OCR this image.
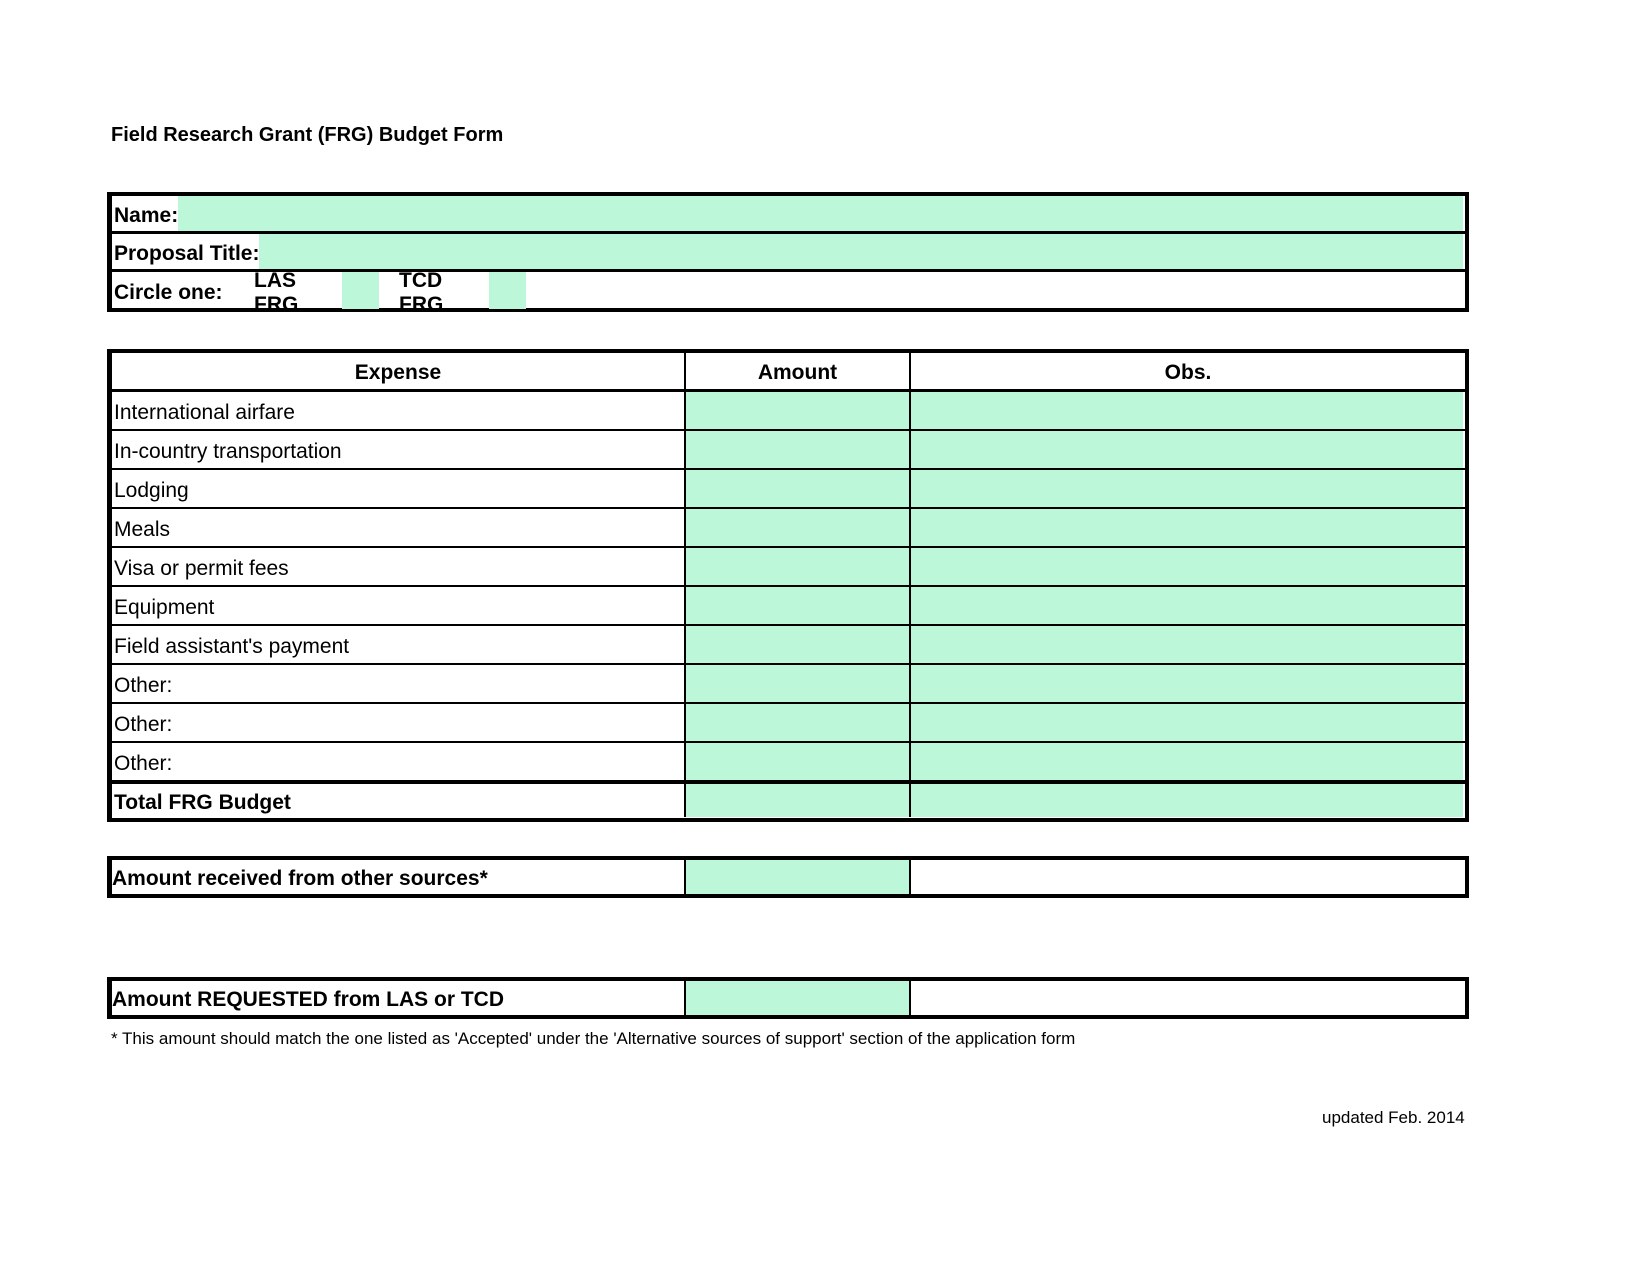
Field Research Grant (FRG) Budget Form
Name:
Proposal Title:
Circle one:
LAS FRG
TCD FRG
Expense	Amount	Obs.
International airfare
In-country transportation
Lodging
Meals
Visa or permit fees
Equipment
Field assistant's payment
Other:
Other:
Other:
Total FRG Budget
Amount received from other sources*
Amount REQUESTED from LAS or TCD
* This amount should match the one listed as 'Accepted' under the 'Alternative sources of support' section of the application form
updated Feb. 2014
